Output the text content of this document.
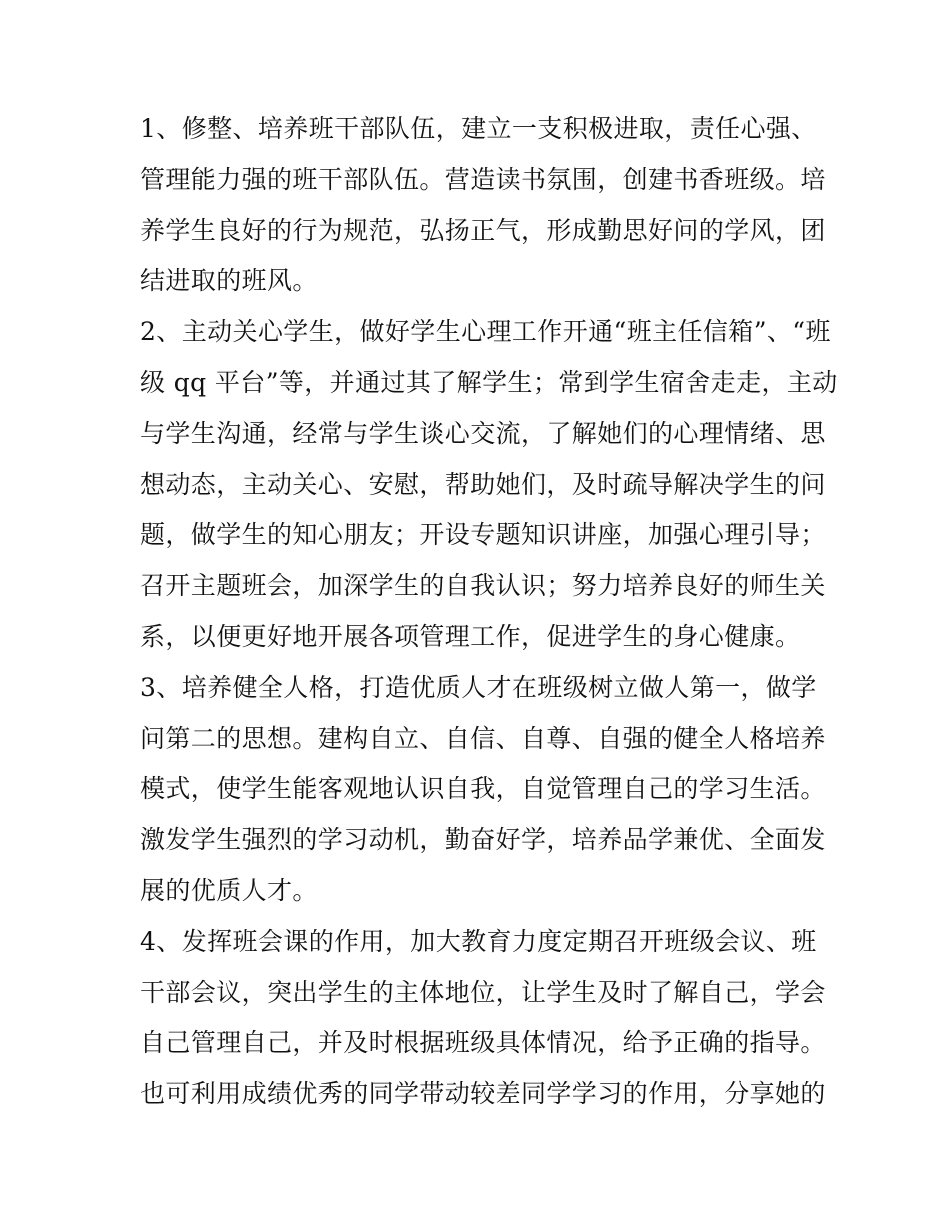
1、修整、培养班干部队伍，建立一支积极进取，责任心强、
管理能力强的班干部队伍。营造读书氛围，创建书香班级。培
养学生良好的行为规范，弘扬正气，形成勤思好问的学风，团
结进取的班风。
2、主动关心学生，做好学生心理工作开通“班主任信箱”、“班
级 qq 平台”等，并通过其了解学生；常到学生宿舍走走，主动
与学生沟通，经常与学生谈心交流，了解她们的心理情绪、思
想动态，主动关心、安慰，帮助她们，及时疏导解决学生的问
题，做学生的知心朋友；开设专题知识讲座，加强心理引导；
召开主题班会，加深学生的自我认识；努力培养良好的师生关
系，以便更好地开展各项管理工作，促进学生的身心健康。
3、培养健全人格，打造优质人才在班级树立做人第一，做学
问第二的思想。建构自立、自信、自尊、自强的健全人格培养
模式，使学生能客观地认识自我，自觉管理自己的学习生活。
激发学生强烈的学习动机，勤奋好学，培养品学兼优、全面发
展的优质人才。
4、发挥班会课的作用，加大教育力度定期召开班级会议、班
干部会议，突出学生的主体地位，让学生及时了解自己，学会
自己管理自己，并及时根据班级具体情况，给予正确的指导。
也可利用成绩优秀的同学带动较差同学学习的作用，分享她的
